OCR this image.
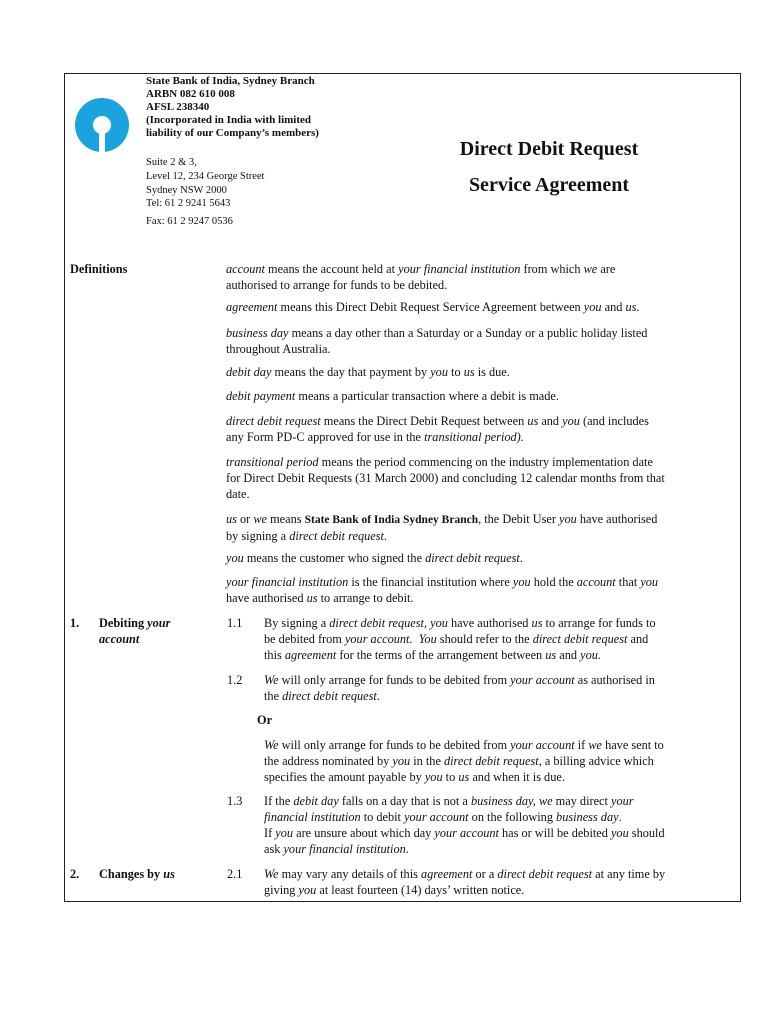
State Bank of India, Sydney Branch
ARBN 082 610 008
AFSL 238340
(Incorporated in India with limited
liability of our Company’s members)
Suite 2 & 3,
Level 12, 234 George Street
Sydney NSW 2000
Tel: 61 2 9241 5643
Fax: 61 2 9247 0536
Direct Debit Request
Service Agreement
Definitions	account means the account held at your financial institution from which we are
authorised to arrange for funds to be debited.
agreement means this Direct Debit Request Service Agreement between you and us.
business day means a day other than a Saturday or a Sunday or a public holiday listed
throughout Australia.
debit day means the day that payment by you to us is due.
debit payment means a particular transaction where a debit is made.
direct debit request means the Direct Debit Request between us and you (and includes
any Form PD-C approved for use in the transitional period).
transitional period means the period commencing on the industry implementation date
for Direct Debit Requests (31 March 2000) and concluding 12 calendar months from that
date.
us or we means State Bank of India Sydney Branch, the Debit User you have authorised
by signing a direct debit request.
you means the customer who signed the direct debit request.
your financial institution is the financial institution where you hold the account that you
have authorised us to arrange to debit.
1. Debiting your
account
1.1 By signing a direct debit request, you have authorised us to arrange for funds to
be debited from your account. You should refer to the direct debit request and
this agreement for the terms of the arrangement between us and you.
1.2 We will only arrange for funds to be debited from your account as authorised in
the direct debit request.
Or
We will only arrange for funds to be debited from your account if we have sent to
the address nominated by you in the direct debit request, a billing advice which
specifies the amount payable by you to us and when it is due.
1.3 If the debit day falls on a day that is not a business day, we may direct your
financial institution to debit your account on the following business day.
If you are unsure about which day your account has or will be debited you should
ask your financial institution.
2. Changes by us	2.1 We may vary any details of this agreement or a direct debit request at any time by
giving you at least fourteen (14) days’ written notice.
